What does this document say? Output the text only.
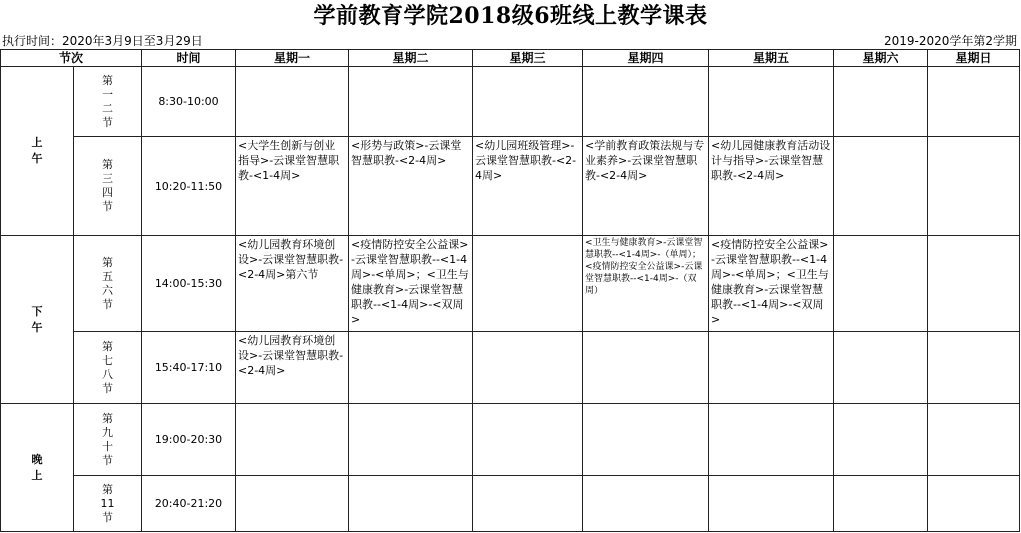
学前教育学院2018级6班线上教学课表
执行时间：2020年3月9日至3月29日	2019-2020学年第2学期
节次		时间	星期一	星期二	星期三	星期四	星期五	星期六	星期日
上午	第一二节	8:30-10:00							
	第三四节	10:20-11:50	<大学生创新与创业指导>-云课堂智慧职教-<1-4周>	<形势与政策>-云课堂智慧职教-<2-4周>	<幼儿园班级管理>-云课堂智慧职教-<2-4周>	<学前教育政策法规与专业素养>-云课堂智慧职教-<2-4周>	<幼儿园健康教育活动设计与指导>-云课堂智慧职教-<2-4周>		
下午	第五六节	14:00-15:30	<幼儿园教育环境创设>-云课堂智慧职教-<2-4周>第六节	<疫情防控安全公益课>-云课堂智慧职教--<1-4周>-<单周>；<卫生与健康教育>-云课堂智慧职教--<1-4周>-<双周>		<卫生与健康教育>-云课堂智慧职教--<1-4周>-（单周）；<疫情防控安全公益课>-云课堂智慧职教--<1-4周>-（双周）	<疫情防控安全公益课>-云课堂智慧职教--<1-4周>-<单周>；<卫生与健康教育>-云课堂智慧职教--<1-4周>-<双周>		
	第七八节	15:40-17:10	<幼儿园教育环境创设>-云课堂智慧职教-<2-4周>						
晚上	第九十节	19:00-20:30							
	第11节	20:40-21:20							
